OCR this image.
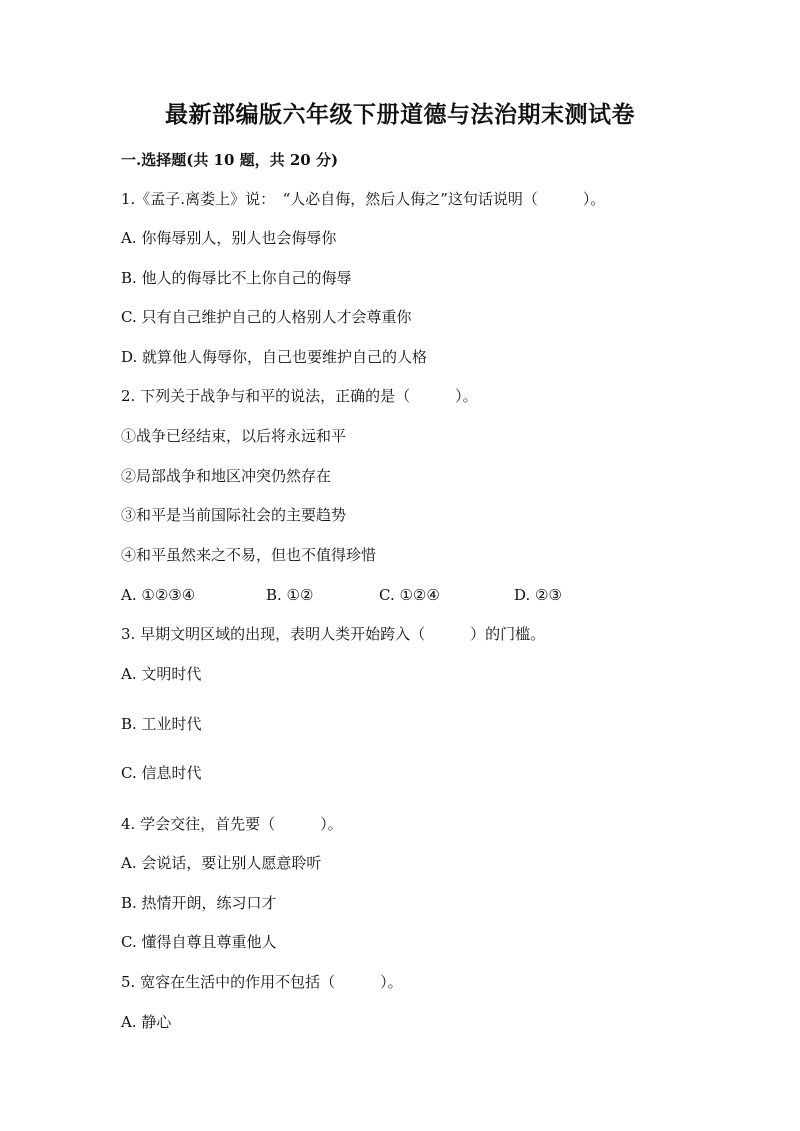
最新部编版六年级下册道德与法治期末测试卷
一.选择题(共 10 题，共 20 分)
1.《孟子.离娄上》说：　“人必自侮，然后人侮之”这句话说明（　　　）。
A. 你侮辱别人，别人也会侮辱你
B. 他人的侮辱比不上你自己的侮辱
C. 只有自己维护自己的人格别人才会尊重你
D. 就算他人侮辱你，自己也要维护自己的人格
2. 下列关于战争与和平的说法，正确的是（　　　）。
①战争已经结束，以后将永远和平
②局部战争和地区冲突仍然存在
③和平是当前国际社会的主要趋势
④和平虽然来之不易，但也不值得珍惜
A. ①②③④	B. ①②	C. ①②④	D. ②③
3. 早期文明区域的出现，表明人类开始跨入（　　　）的门槛。
A. 文明时代
B. 工业时代
C. 信息时代
4. 学会交往，首先要（　　　）。
A. 会说话，要让别人愿意聆听
B. 热情开朗，练习口才
C. 懂得自尊且尊重他人
5. 宽容在生活中的作用不包括（　　　）。
A. 静心
